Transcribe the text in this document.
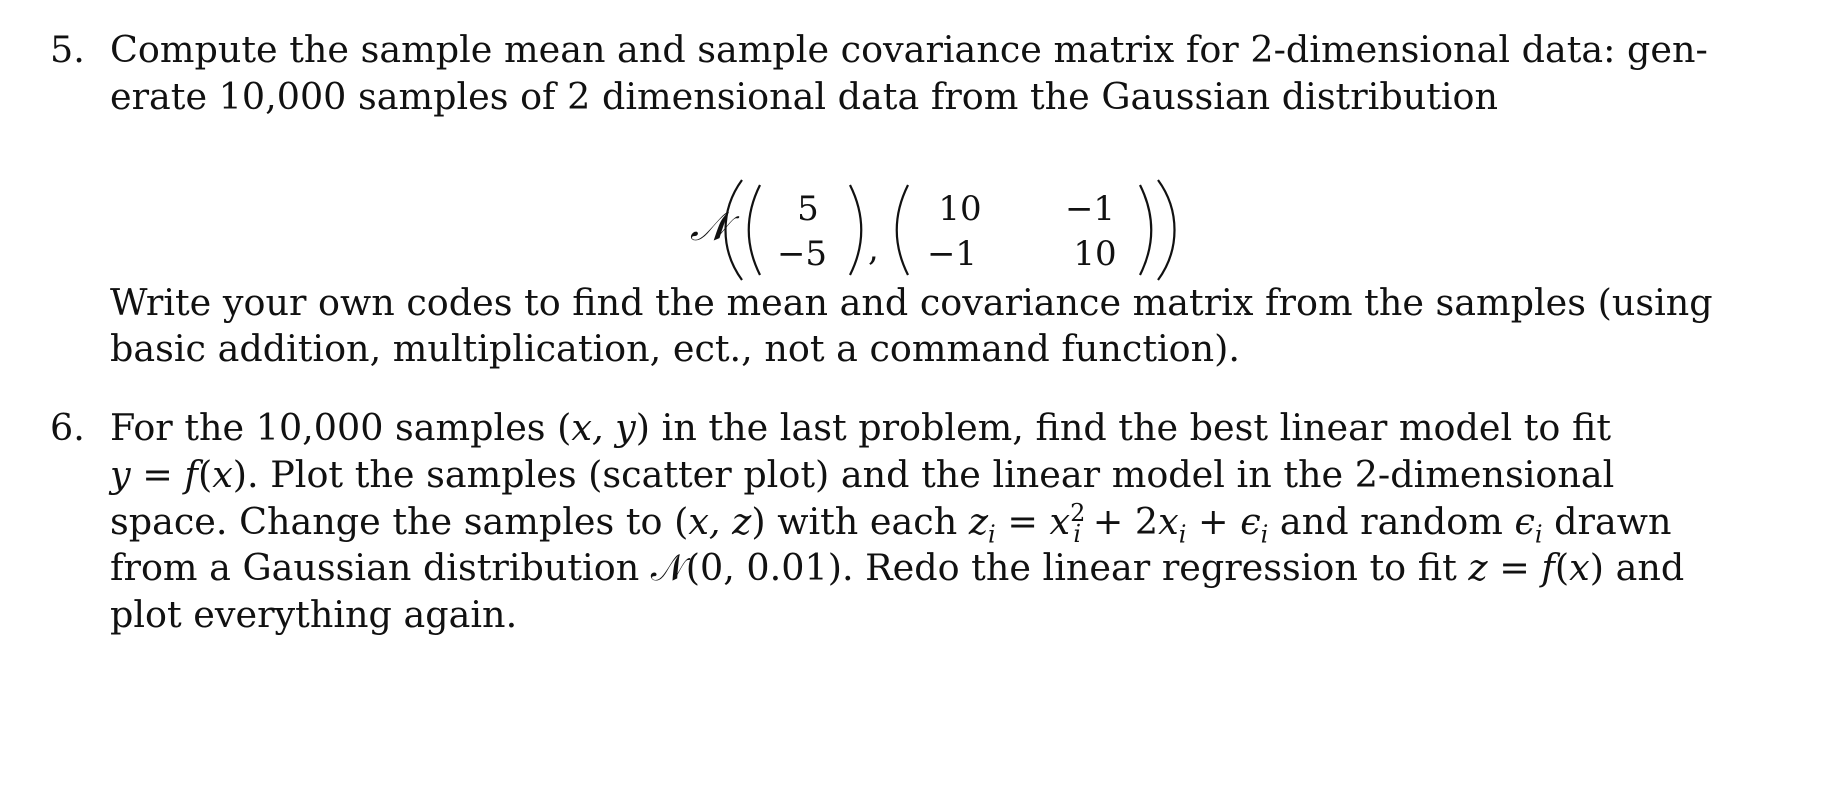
5. Compute the sample mean and sample covariance matrix for 2-dimensional data: gen-

erate 10,000 samples of 2 dimensional data from the Gaussian distribution

𝒩	5
−5 ,
10 −1
−1	10

Write your own codes to find the mean and covariance matrix from the samples (using

basic addition, multiplication, ect., not a command function).

6. For the 10,000 samples (x, y) in the last problem, find the best linear model to fit

y = f(x). Plot the samples (scatter plot) and the linear model in the 2-dimensional

space. Change the samples to (x, z) with each $z_i = x^2_i + 2x_i + \epsilon_i$ and random $\epsilon_i$ drawn

from a Gaussian distribution 𝒩(0, 0.01). Redo the linear regression to fit z = f(x) and

plot everything again.
